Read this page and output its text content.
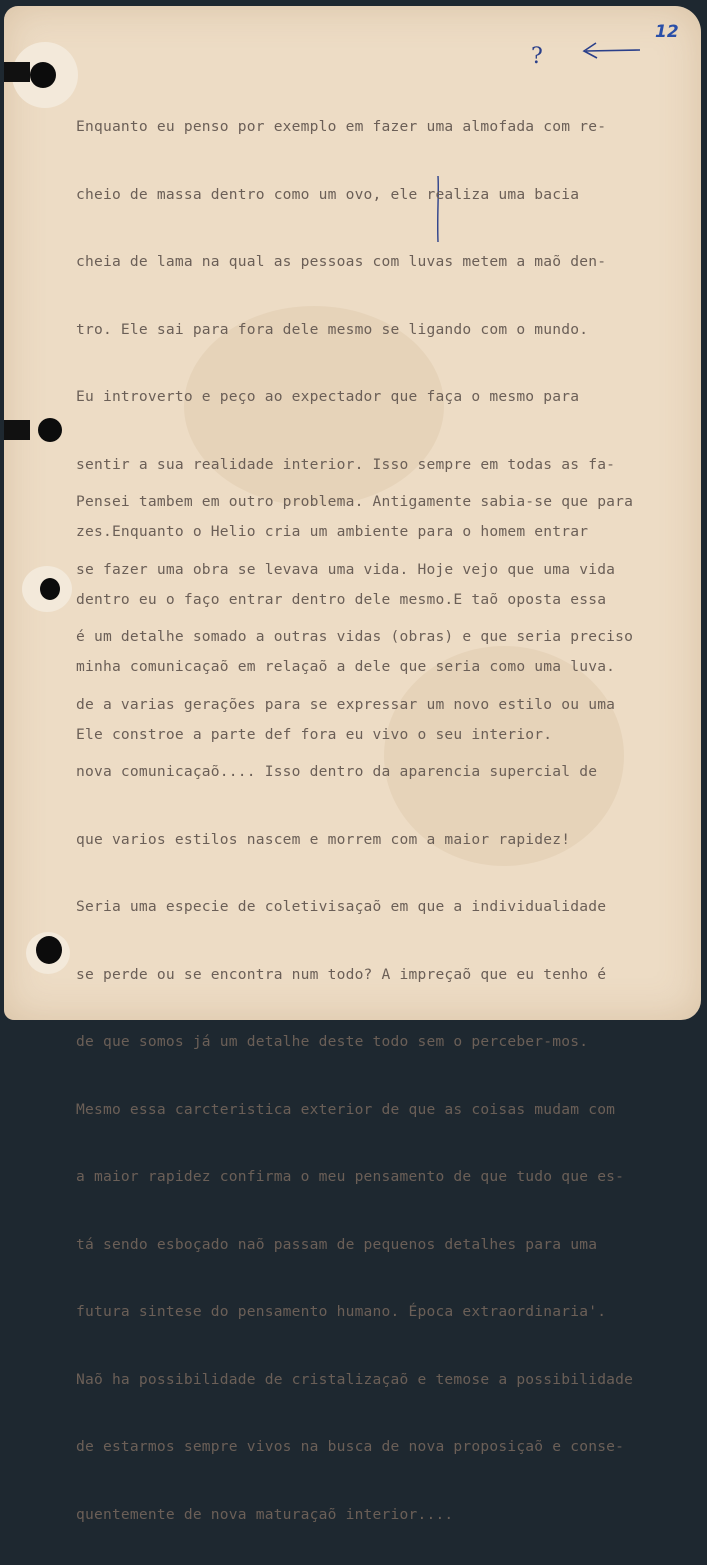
12
?

Enquanto eu penso por exemplo em fazer uma almofada com re-

cheio de massa dentro como um ovo, ele realiza uma bacia

cheia de lama na qual as pessoas com luvas metem a maõ den-

tro. Ele sai para fora dele mesmo se ligando com o mundo.

Eu introverto e peço ao expectador que faça o mesmo para

sentir a sua realidade interior. Isso sempre em todas as fa-

zes.Enquanto o Helio cria um ambiente para o homem entrar

dentro eu o faço entrar dentro dele mesmo.E taõ oposta essa

minha comunicaçaõ em relaçaõ a dele que seria como uma luva.

Ele constroe a parte def fora eu vivo o seu interior.

Pensei tambem em outro problema. Antigamente sabia-se que para

se fazer uma obra se levava uma vida. Hoje vejo que uma vida

é um detalhe somado a outras vidas (obras) e que seria preciso

de a varias gerações para se expressar um novo estilo ou uma

nova comunicaçaõ.... Isso dentro da aparencia supercial de

que varios estilos nascem e morrem com a maior rapidez!

Seria uma especie de coletivisaçaõ em que a individualidade

se perde ou se encontra num todo? A impreçaõ que eu tenho é

de que somos já um detalhe deste todo sem o perceber-mos.

Mesmo essa carcteristica exterior de que as coisas mudam com

a maior rapidez confirma o meu pensamento de que tudo que es-

tá sendo esboçado naõ passam de pequenos detalhes para uma

futura sintese do pensamento humano. Época extraordinaria'.

Naõ ha possibilidade de cristalizaçaõ e temose a possibilidade

de estarmos sempre vivos na busca de nova proposiçaõ e conse-

quentemente de nova maturaçaõ interior....
